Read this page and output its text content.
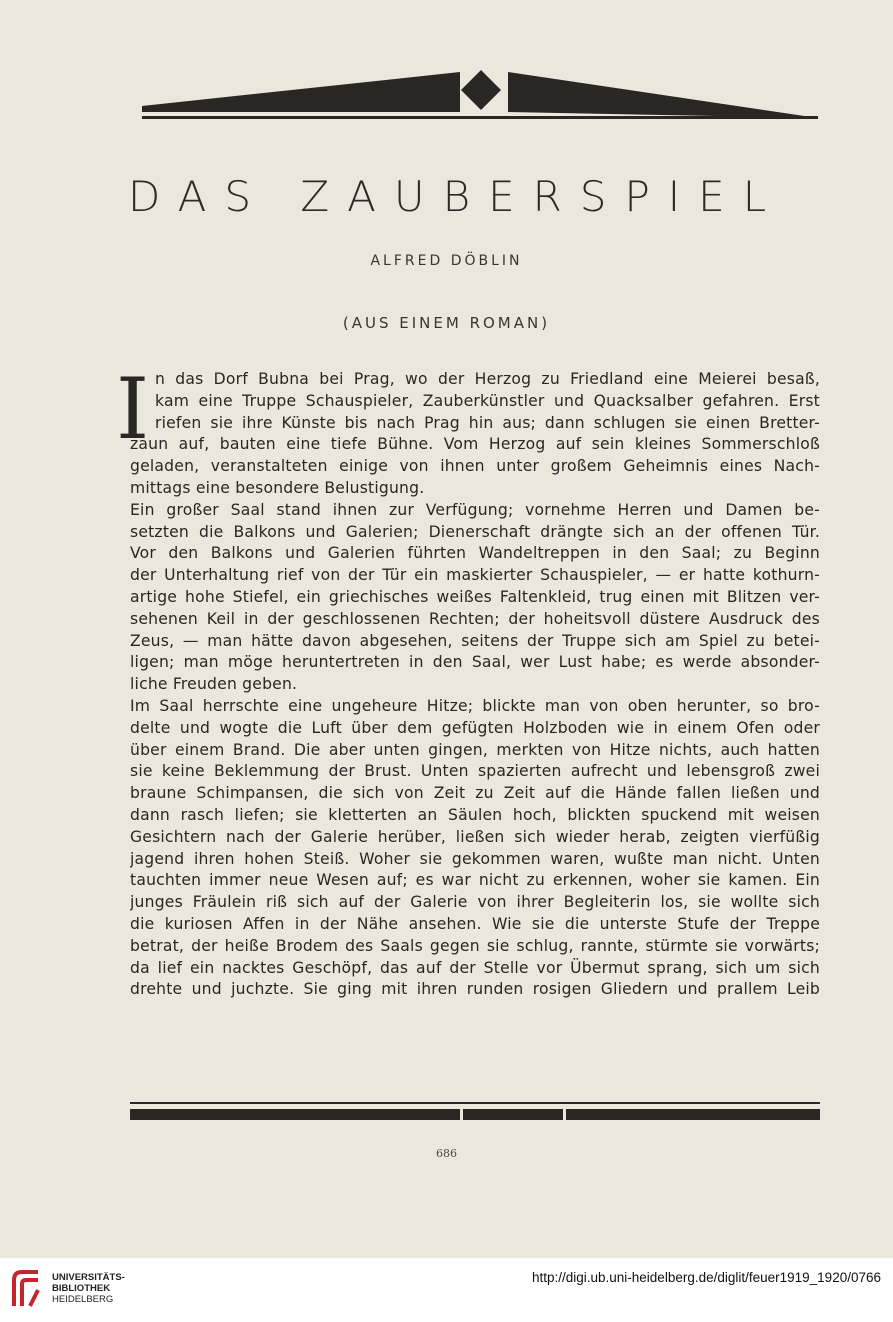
DAS ZAUBERSPIEL
ALFRED DÖBLIN
(AUS EINEM ROMAN)
I n das Dorf Bubna bei Prag, wo der Herzog zu Friedland eine Meierei besaß,
kam eine Truppe Schauspieler, Zauberkünstler und Quacksalber gefahren. Erst
riefen sie ihre Künste bis nach Prag hin aus; dann schlugen sie einen Bretter-
zaun auf, bauten eine tiefe Bühne. Vom Herzog auf sein kleines Sommerschloß
geladen, veranstalteten einige von ihnen unter großem Geheimnis eines Nach-
mittags eine besondere Belustigung.
Ein großer Saal stand ihnen zur Verfügung; vornehme Herren und Damen be-
setzten die Balkons und Galerien; Dienerschaft drängte sich an der offenen Tür.
Vor den Balkons und Galerien führten Wandeltreppen in den Saal; zu Beginn
der Unterhaltung rief von der Tür ein maskierter Schauspieler, — er hatte kothurn-
artige hohe Stiefel, ein griechisches weißes Faltenkleid, trug einen mit Blitzen ver-
sehenen Keil in der geschlossenen Rechten; der hoheitsvoll düstere Ausdruck des
Zeus, — man hätte davon abgesehen, seitens der Truppe sich am Spiel zu betei-
ligen; man möge heruntertreten in den Saal, wer Lust habe; es werde absonder-
liche Freuden geben.
Im Saal herrschte eine ungeheure Hitze; blickte man von oben herunter, so bro-
delte und wogte die Luft über dem gefügten Holzboden wie in einem Ofen oder
über einem Brand. Die aber unten gingen, merkten von Hitze nichts, auch hatten
sie keine Beklemmung der Brust. Unten spazierten aufrecht und lebensgroß zwei
braune Schimpansen, die sich von Zeit zu Zeit auf die Hände fallen ließen und
dann rasch liefen; sie kletterten an Säulen hoch, blickten spuckend mit weisen
Gesichtern nach der Galerie herüber, ließen sich wieder herab, zeigten vierfüßig
jagend ihren hohen Steiß. Woher sie gekommen waren, wußte man nicht. Unten
tauchten immer neue Wesen auf; es war nicht zu erkennen, woher sie kamen. Ein
junges Fräulein riß sich auf der Galerie von ihrer Begleiterin los, sie wollte sich
die kuriosen Affen in der Nähe ansehen. Wie sie die unterste Stufe der Treppe
betrat, der heiße Brodem des Saals gegen sie schlug, rannte, stürmte sie vorwärts;
da lief ein nacktes Geschöpf, das auf der Stelle vor Übermut sprang, sich um sich
drehte und juchzte. Sie ging mit ihren runden rosigen Gliedern und prallem Leib
686
UNIVERSITÄTS-
BIBLIOTHEK
HEIDELBERG
http://digi.ub.uni-heidelberg.de/diglit/feuer1919_1920/0766
